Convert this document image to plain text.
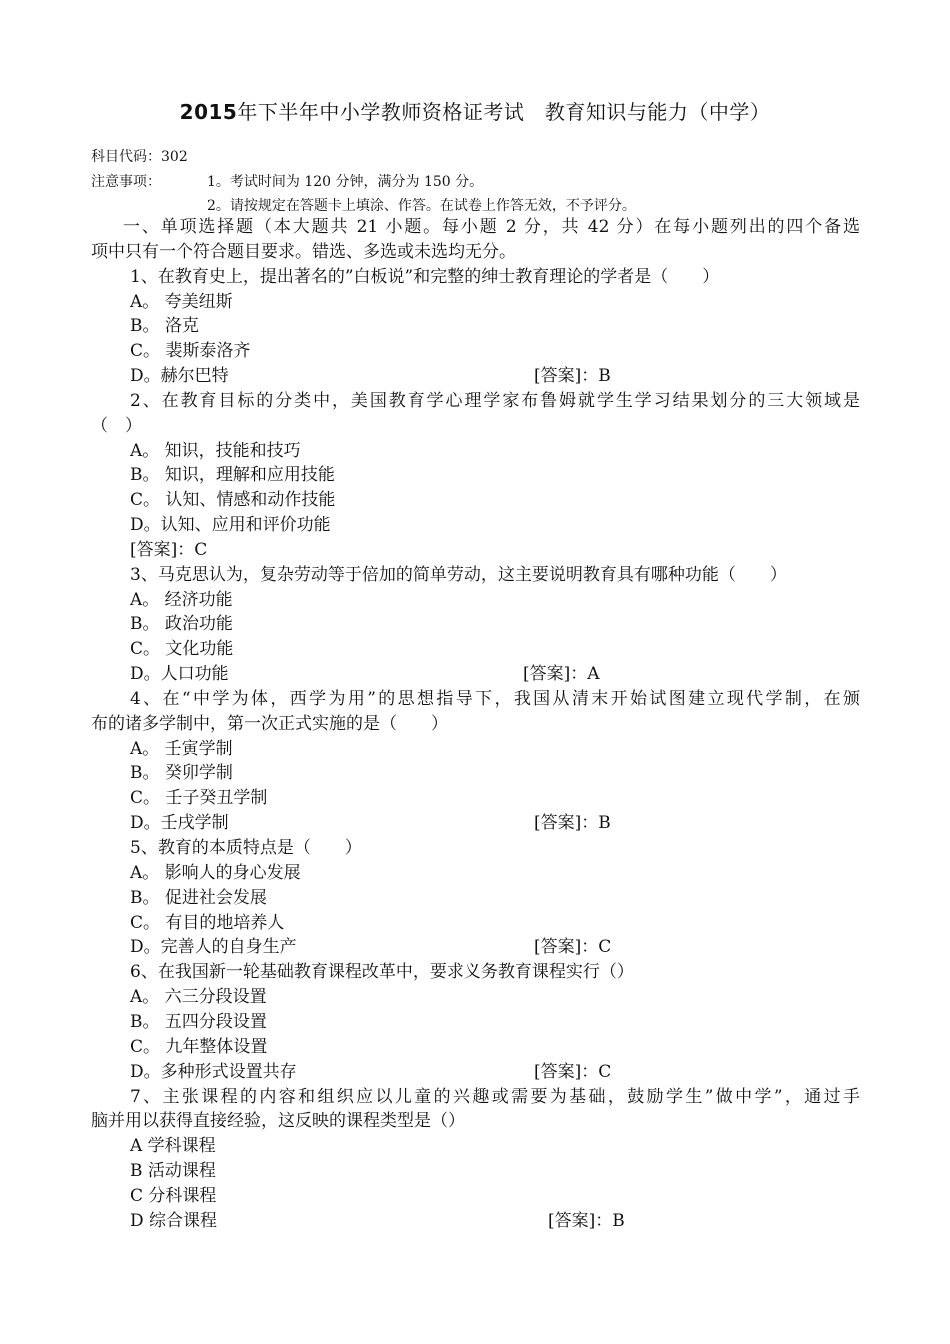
2015年下半年中小学教师资格证考试　教育知识与能力（中学）
科目代码：302
注意事项：	1。考试时间为 120 分钟，满分为 150 分。
2。请按规定在答题卡上填涂、作答。在试卷上作答无效，不予评分。
一、单项选择题（本大题共 21 小题。每小题 2 分，共 42 分）在每小题列出的四个备选
项中只有一个符合题目要求。错选、多选或未选均无分。
1、在教育史上，提出著名的”白板说”和完整的绅士教育理论的学者是（　　）
A。 夸美纽斯
B。 洛克
C。 裴斯泰洛齐
D。赫尔巴特	[答案]：B
2、在教育目标的分类中，美国教育学心理学家布鲁姆就学生学习结果划分的三大领域是
（　）
A。 知识，技能和技巧
B。 知识，理解和应用技能
C。 认知、情感和动作技能
D。认知、应用和评价功能
[答案]：C
3、马克思认为，复杂劳动等于倍加的简单劳动，这主要说明教育具有哪种功能（　　）
A。 经济功能
B。 政治功能
C。 文化功能
D。人口功能	[答案]：A
4、在“中学为体，西学为用”的思想指导下，我国从清末开始试图建立现代学制，在颁
布的诸多学制中，第一次正式实施的是（　　）
A。 壬寅学制
B。 癸卯学制
C。 壬子癸丑学制
D。壬戌学制	[答案]：B
5、教育的本质特点是（　　）
A。 影响人的身心发展
B。 促进社会发展
C。 有目的地培养人
D。完善人的自身生产	[答案]：C
6、在我国新一轮基础教育课程改革中，要求义务教育课程实行（）
A。 六三分段设置
B。 五四分段设置
C。 九年整体设置
D。多种形式设置共存	[答案]：C
7、主张课程的内容和组织应以儿童的兴趣或需要为基础，鼓励学生”做中学”，通过手
脑并用以获得直接经验，这反映的课程类型是（）
A 学科课程
B 活动课程
C 分科课程
D 综合课程	[答案]：B
